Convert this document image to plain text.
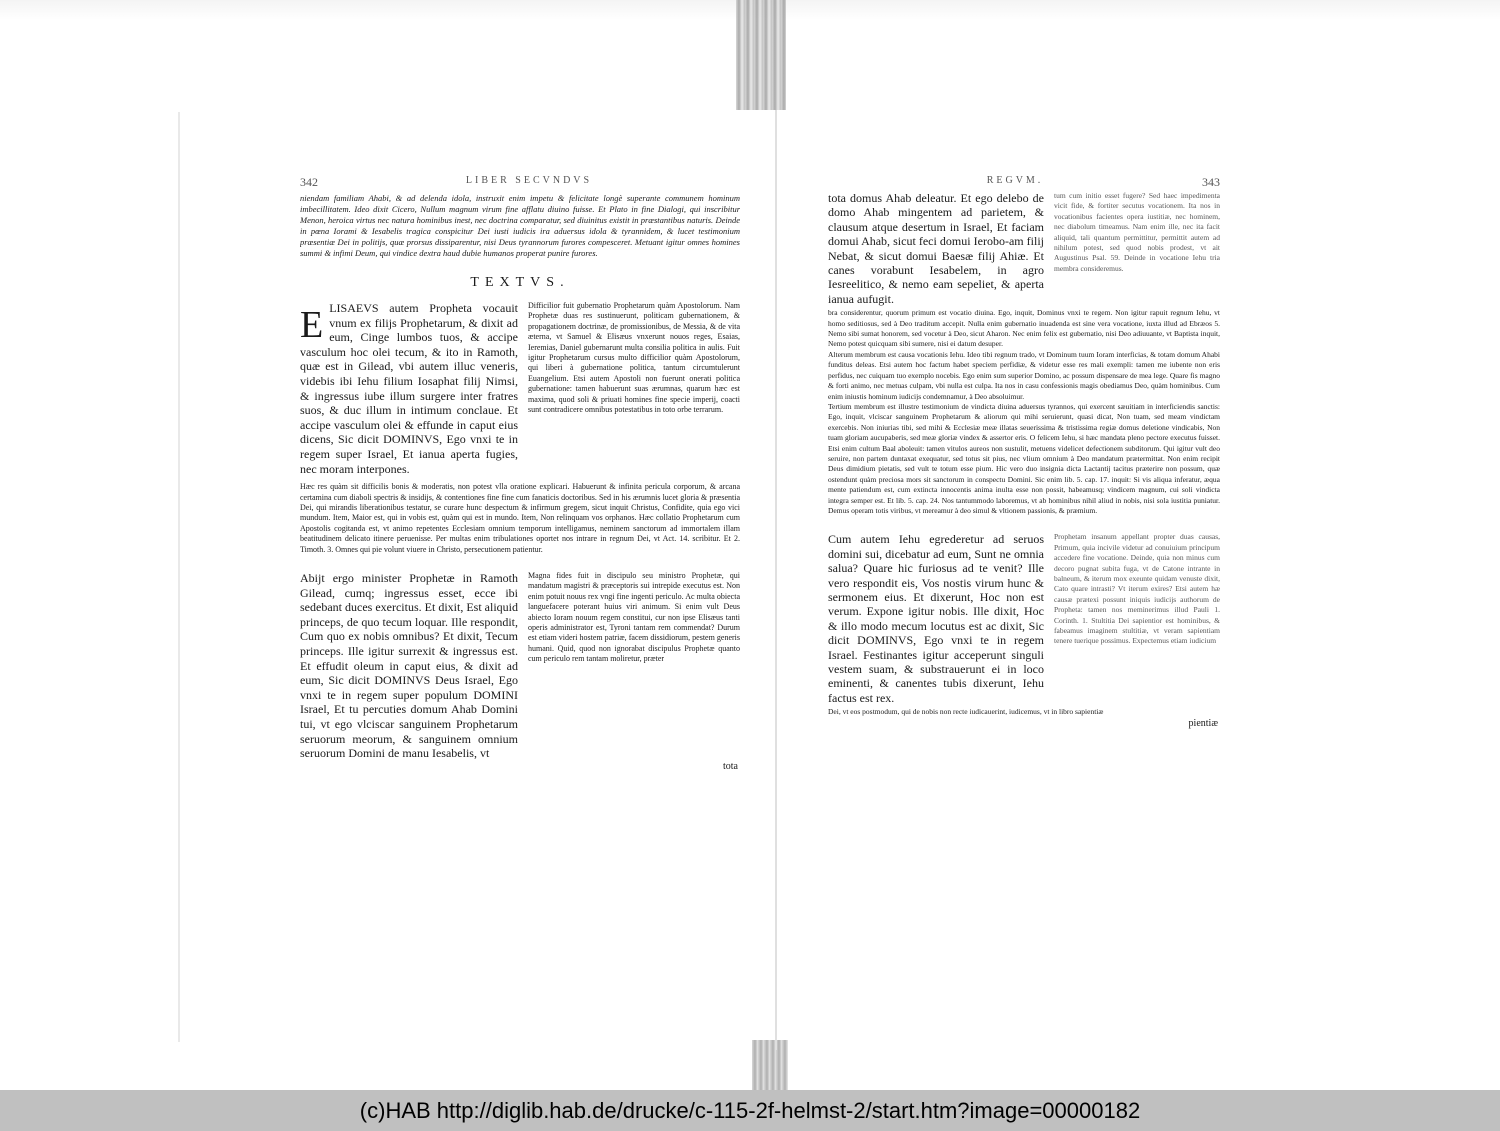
342	LIBER SECVNDVS

niendam familiam Ahabi, & ad delenda idola, instruxit enim impetu & felicitate longè superante communem hominum imbecillitatem. Ideo dixit Cicero, Nullum magnum virum fine afflatu diuino fuisse. Et Plato in fine Dialogi, qui inscribitur Menon, heroica virtus nec natura hominibus inest, nec doctrina comparatur, sed diuinitus existit in præstantibus naturis. Deinde in pœna Iorami & Iesabelis tragica conspicitur Dei iusti iudicis ira aduersus idola & tyrannidem, & lucet testimonium præsentiæ Dei in politijs, quæ prorsus dissiparentur, nisi Deus tyrannorum furores compesceret. Metuant igitur omnes homines summi & infimi Deum, qui vindice dextra haud dubie humanos properat punire furores.

TEXTVS.
E LISAEVS autem Propheta vocauit vnum ex filijs Prophetarum, & dixit ad eum, Cinge lumbos tuos, & accipe vasculum hoc olei tecum, & ito in Ramoth, quæ est in Gilead, vbi autem illuc veneris, videbis ibi Iehu filium Iosaphat filij Nimsi, & ingressus iube illum surgere inter fratres suos, & duc illum in intimum conclaue. Et accipe vasculum olei & effunde in caput eius dicens, Sic dicit DOMINVS, Ego vnxi te in regem super Israel, Et ianua aperta fugies, nec moram interpones.
Difficilior fuit gubernatio Prophetarum quàm Apostolorum. Nam Prophetæ duas res sustinuerunt, politicam gubernationem, & propagationem doctrinæ, de promissionibus, de Messia, & de vita æterna, vt Samuel & Elisæus vnxerunt nouos reges, Esaias, Ieremias, Daniel gubernarunt multa consilia politica in aulis. Fuit igitur Prophetarum cursus multo difficilior quàm Apostolorum, qui liberi à gubernatione politica, tantum circumtulerunt Euangelium. Etsi autem Apostoli non fuerunt onerati politica gubernatione: tamen habuerunt suas ærumnas, quarum hæc est maxima, quod soli & priuati homines fine specie imperij, coacti sunt contradicere omnibus potestatibus in toto orbe terrarum.

Hæc res quàm sit difficilis bonis & moderatis, non potest vlla oratione explicari. Habuerunt & infinita pericula corporum, & arcana certamina cum diaboli spectris & insidijs, & contentiones fine fine cum fanaticis doctoribus. Sed in his ærumnis lucet gloria & præsentia Dei, qui mirandis liberationibus testatur, se curare hunc despectum & infirmum gregem, sicut inquit Christus, Confidite, quia ego vici mundum. Item, Maior est, qui in vobis est, quàm qui est in mundo. Item, Non relinquam vos orphanos. Hæc collatio Prophetarum cum Apostolis cogitanda est, vt animo repetentes Ecclesiam omnium temporum intelligamus, neminem sanctorum ad immortalem illam beatitudinem delicato itinere peruenisse. Per multas enim tribulationes oportet nos intrare in regnum Dei, vt Act. 14. scribitur. Et 2. Timoth. 3. Omnes qui pie volunt viuere in Christo, persecutionem patientur.

Abijt ergo minister Prophetæ in Ramoth Gilead, cumq; ingressus esset, ecce ibi sedebant duces exercitus. Et dixit, Est aliquid princeps, de quo tecum loquar. Ille respondit, Cum quo ex nobis omnibus? Et dixit, Tecum princeps. Ille igitur surrexit & ingressus est. Et effudit oleum in caput eius, & dixit ad eum, Sic dicit DOMINVS Deus Israel, Ego vnxi te in regem super populum DOMINI Israel, Et tu percuties domum Ahab Domini tui, vt ego vlciscar sanguinem Prophetarum seruorum meorum, & sanguinem omnium seruorum Domini de manu Iesabelis, vt
Magna fides fuit in discipulo seu ministro Prophetæ, qui mandatum magistri & præceptoris sui intrepide executus est. Non enim potuit nouus rex vngi fine ingenti periculo. Ac multa obiecta languefacere poterant huius viri animum. Si enim vult Deus abiecto Ioram nouum regem constitui, cur non ipse Elisæus tanti operis administrator est, Tyroni tantam rem commendat? Durum est etiam videri hostem patriæ, facem dissidiorum, pestem generis humani. Quid, quod non ignorabat discipulus Prophetæ quanto cum periculo rem tantam moliretur, præter
tota
REGVM.	343
tota domus Ahab deleatur. Et ego delebo de domo Ahab mingentem ad parietem, & clausum atque desertum in Israel, Et faciam domui Ahab, sicut feci domui Ierobo-am filij Nebat, & sicut domui Baesæ filij Ahiæ. Et canes vorabunt Iesabelem, in agro Iesreelitico, & nemo eam sepeliet, & aperta ianua aufugit.
tum cum initio esset fugere? Sed haec impedimenta vicit fide, & fortiter secutus vocationem. Ita nos in vocationibus facientes opera iustitiæ, nec hominem, nec diabolum timeamus. Nam enim ille, nec ita facit aliquid, tali quantum permittitur, permittit autem ad nihilum potest, sed quod nobis prodest, vt ait Augustinus Psal. 59. Deinde in vocatione Iehu tria membra consideremus.

bra considerentur, quorum primum est vocatio diuina. Ego, inquit, Dominus vnxi te regem. Non igitur rapuit regnum Iehu, vt homo seditiosus, sed à Deo traditum accepit. Nulla enim gubernatio inuadenda est sine vera vocatione, iuxta illud ad Ebræos 5. Nemo sibi sumat honorem, sed vocetur à Deo, sicut Aharon. Nec enim felix est gubernatio, nisi Deo adiuuante, vt Baptista inquit, Nemo potest quicquam sibi sumere, nisi ei datum desuper.

Alterum membrum est causa vocationis Iehu. Ideo tibi regnum trado, vt Dominum tuum Ioram interficias, & totam domum Ahabi funditus deleas. Etsi autem hoc factum habet speciem perfidiæ, & videtur esse res mali exempli: tamen me iubente non eris perfidus, nec cuiquam tuo exemplo nocebis. Ego enim sum superior Domino, ac possum dispensare de mea lege. Quare fis magno & forti animo, nec metuas culpam, vbi nulla est culpa. Ita nos in casu confessionis magis obediamus Deo, quàm hominibus. Cum enim iniustis hominum iudicijs condemnamur, à Deo absoluimur.

Tertium membrum est illustre testimonium de vindicta diuina aduersus tyrannos, qui exercent sæuitiam in interficiendis sanctis: Ego, inquit, vlciscar sanguinem Prophetarum & aliorum qui mihi seruierunt, quasi dicat, Non tuam, sed meam vindictam exercebis. Non iniurias tibi, sed mihi & Ecclesiæ meæ illatas seuerissima & tristissima regiæ domus deletione vindicabis, Non tuam gloriam aucupaberis, sed meæ gloriæ vindex & assertor eris. O felicem Iehu, si hæc mandata pleno pectore executus fuisset. Etsi enim cultum Baal aboleuit: tamen vitulos aureos non sustulit, metuens videlicet defectionem subditorum. Qui igitur vult deo seruire, non partem duntaxat exequatur, sed totus sit pius, nec vlium omnium à Deo mandatum prætermittat. Non enim recipit Deus dimidium pietatis, sed vult te totum esse pium. Hic vero duo insignia dicta Lactantij tacitus præterire non possum, quæ ostendunt quàm preciosa mors sit sanctorum in conspectu Domini. Sic enim lib. 5. cap. 17. inquit: Si vis aliqua inferatur, æqua mente patiendum est, cum extincta innocentis anima inulta esse non possit, habeamusq; vindicem magnum, cui soli vindicta integra semper est. Et lib. 5. cap. 24. Nos tantummodo laboremus, vt ab hominibus nihil aliud in nobis, nisi sola iustitia puniatur. Demus operam totis viribus, vt mereamur à deo simul & vltionem passionis, & præmium.

Cum autem Iehu egrederetur ad seruos domini sui, dicebatur ad eum, Sunt ne omnia salua? Quare hic furiosus ad te venit? Ille vero respondit eis, Vos nostis virum hunc & sermonem eius. Et dixerunt, Hoc non est verum. Expone igitur nobis. Ille dixit, Hoc & illo modo mecum locutus est ac dixit, Sic dicit DOMINVS, Ego vnxi te in regem Israel. Festinantes igitur acceperunt singuli vestem suam, & substrauerunt ei in loco eminenti, & canentes tubis dixerunt, Iehu factus est rex.
Prophetam insanum appellant propter duas causas, Primum, quia incivile videtur ad conuiuium principum accedere fine vocatione. Deinde, quia non minus cum decoro pugnat subita fuga, vt de Catone intrante in balneum, & iterum mox exeunte quidam venuste dixit, Cato quare intrasti? Vt iterum exires? Etsi autem hæ causæ prætexi possunt iniquis iudicijs authorum de Propheta: tamen nos meminerimus illud Pauli 1. Corinth. 1. Stultitia Dei sapientior est hominibus, & fabeamus imaginem stultitiæ, vt veram sapientiam tenere tuerique possimus. Expectemus etiam iudicium
Dei, vt eos postmodum, qui de nobis non recte iudicauerint, iudicemus, vt in libro sapientiæ
pientiæ
(c)HAB http://diglib.hab.de/drucke/c-115-2f-helmst-2/start.htm?image=00000182
